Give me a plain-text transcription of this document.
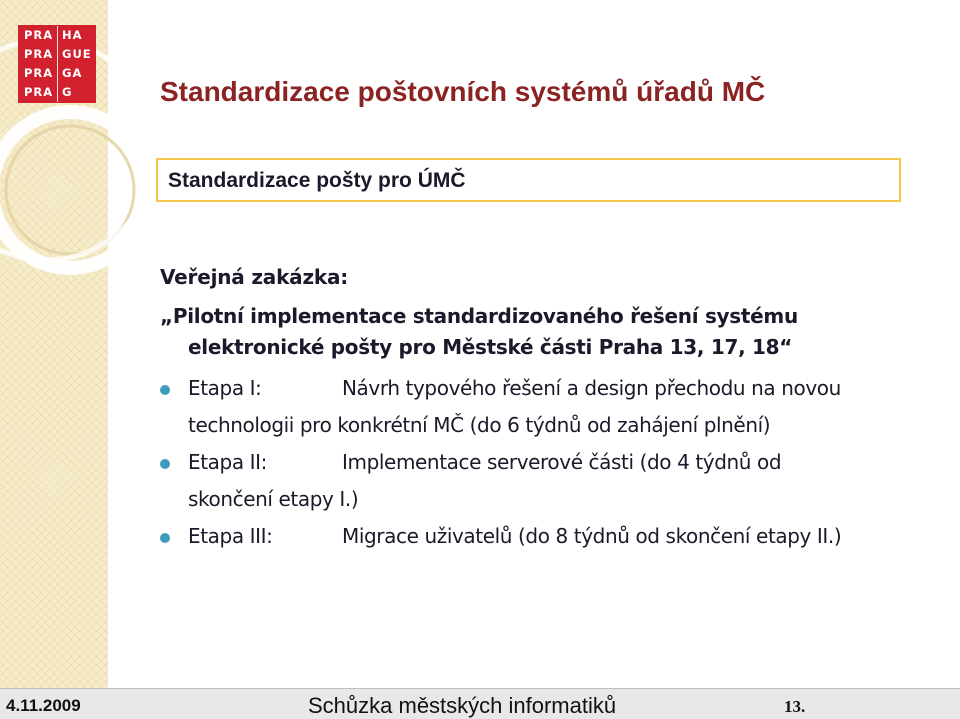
PRA HA
PRA GUE
PRA GA
PRA G	Standardizace poštovních systémů úřadů MČ
Standardizace pošty pro ÚMČ

Veřejná zakázka:

„Pilotní implementace standardizovaného řešení systému

elektronické pošty pro Městské části Praha 13, 17, 18“

Etapa I:	Návrh typového řešení a design přechodu na novou
technologii pro konkrétní MČ (do 6 týdnů od zahájení plnění)
Etapa II:	Implementace serverové části (do 4 týdnů od
skončení etapy I.)
Etapa III:	Migrace uživatelů (do 8 týdnů od skončení etapy II.)
4.11.2009	Schůzka městských informatiků	13.
